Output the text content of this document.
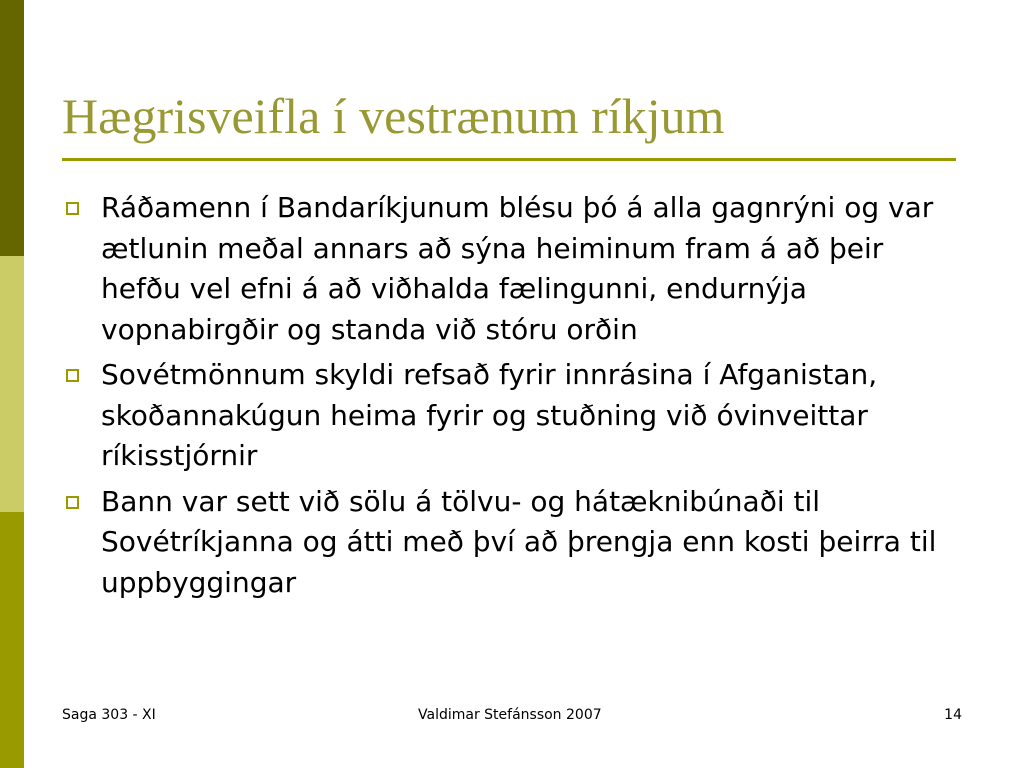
Hægrisveifla í vestrænum ríkjum
Ráðamenn í Bandaríkjunum blésu þó á alla gagnrýni og var ætlunin meðal annars að sýna heiminum fram á að þeir hefðu vel efni á að viðhalda fælingunni, endurnýja vopnabirgðir og standa við stóru orðin
Sovétmönnum skyldi refsað fyrir innrásina í Afganistan, skoðannakúgun heima fyrir og stuðning við óvinveittar ríkisstjórnir
Bann var sett við sölu á tölvu- og hátæknibúnaði til Sovétríkjanna og átti með því að þrengja enn kosti þeirra til uppbyggingar
Saga 303 - XI	Valdimar Stefánsson 2007	14
